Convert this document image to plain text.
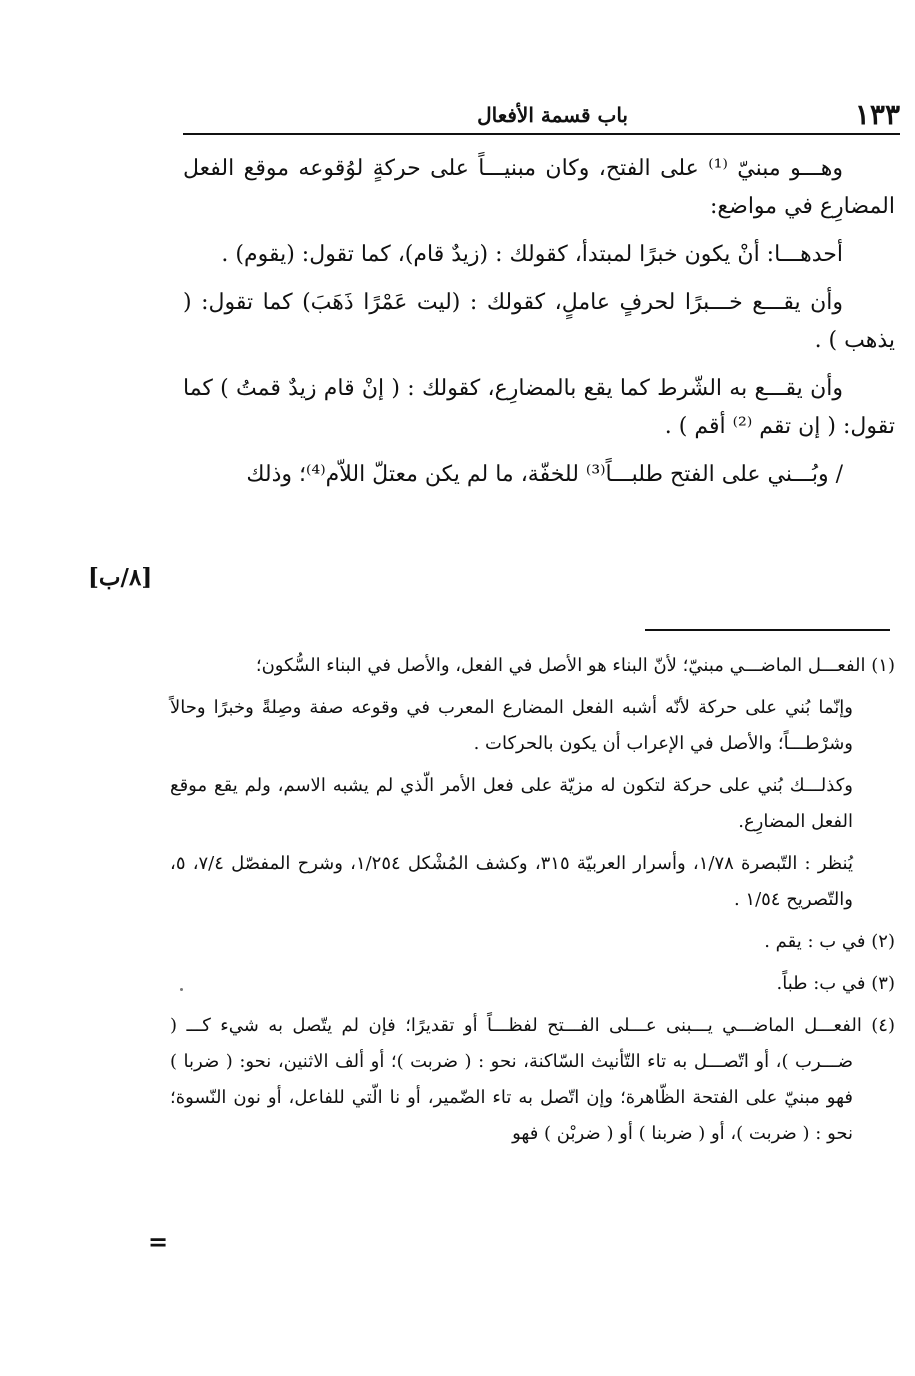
١٣٣
باب قسمة الأفعال

وهـــو مبنيّ ⁽¹⁾ على الفتح، وكان مبنيـــاً على حركةٍ لوُقوعه موقع الفعل المضارِع في مواضع:

أحدهـــا: أنْ يكون خبرًا لمبتدأ، كقولك : (زيدٌ قام)، كما تقول: (يقوم) .

وأن يقـــع خـــبرًا لحرفٍ عاملٍ، كقولك : (ليت عَمْرًا ذَهَبَ) كما تقول: ( يذهب ) .

وأن يقـــع به الشّرط كما يقع بالمضارِع، كقولك : ( إنْ قام زيدٌ قمتُ ) كما تقول: ( إن تقم ⁽²⁾ أقم ) .

/ وبُـــني على الفتح طلبـــاً⁽³⁾ للخفّة، ما لم يكن معتلّ اللاّم⁽⁴⁾؛ وذلك

[٨/ب]

(١) الفعـــل الماضـــي مبنيّ؛ لأنّ البناء هو الأصل في الفعل، والأصل في البناء السُّكون؛

وإنّما بُني على حركة لأنّه أشبه الفعل المضارع المعرب في وقوعه صفة وصِلةً وخبرًا وحالاً وشرْطـــاً؛ والأصل في الإعراب أن يكون بالحركات .

وكذلـــك بُني على حركة لتكون له مزيّة على فعل الأمر الّذي لم يشبه الاسم، ولم يقع موقع الفعل المضارِع.

يُنظر : التّبصرة ١/٧٨، وأسرار العربيّة ٣١٥، وكشف المُشْكل ١/٢٥٤، وشرح المفصّل ٧/٤، ٥، والتّصريح ١/٥٤ .

(٢) في ب : يقم .

(٣) في ب: طباً.

(٤) الفعـــل الماضـــي يـــبنى عـــلى الفـــتح لفظـــاً أو تقديرًا؛ فإن لم يتّصل به شيء كـــ ( ضـــرب )، أو اتّصـــل به تاء التّأنيث السّاكنة، نحو : ( ضربت )؛ أو ألف الاثنين، نحو: ( ضربا ) فهو مبنيّ على الفتحة الظّاهرة؛ وإن اتّصل به تاء الضّمير، أو نا الّتي للفاعل، أو نون النّسوة؛ نحو : ( ضربت )، أو ( ضربنا ) أو ( ضربْن ) فهو

=
